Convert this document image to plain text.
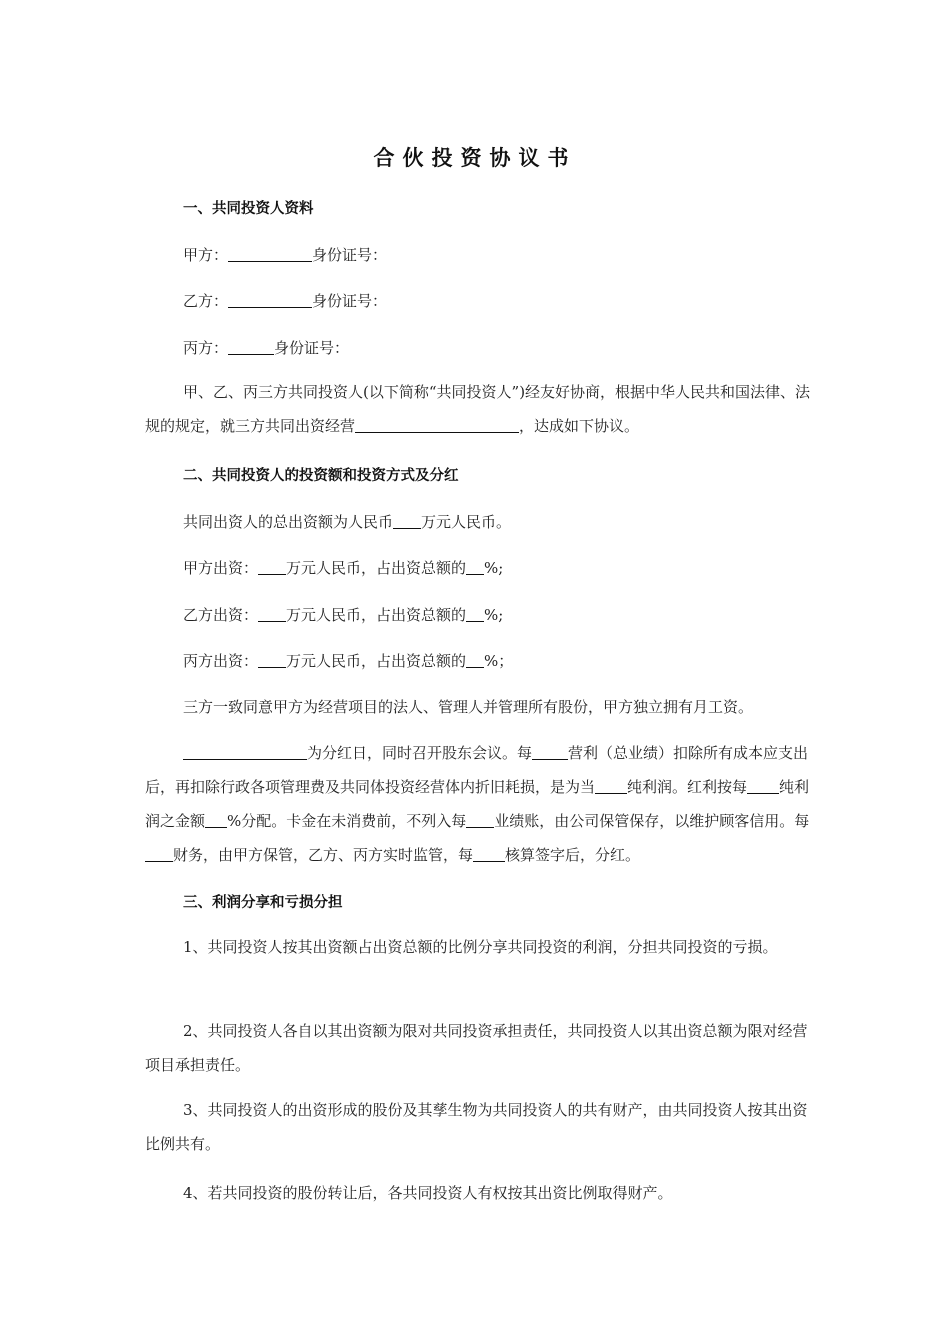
合伙投资协议书
一、共同投资人资料
甲方：	身份证号：
乙方：	身份证号：
丙方：	身份证号：
甲、乙、丙三方共同投资人(以下简称“共同投资人”)经友好协商，根据中华人民共和国法律、法规的规定，就三方共同出资经营	，达成如下协议。
二、共同投资人的投资额和投资方式及分红
共同出资人的总出资额为人民币 万元人民币。
甲方出资： 万元人民币，占出资总额的 %;
乙方出资： 万元人民币，占出资总额的 %;
丙方出资： 万元人民币，占出资总额的 %；
三方一致同意甲方为经营项目的法人、管理人并管理所有股份，甲方独立拥有月工资。
为分红日，同时召开股东会议。每 营利（总业绩）扣除所有成本应支出后，再扣除行政各项管理费及共同体投资经营体内折旧耗损，是为当 纯利润。红利按每 纯利润之金额 %分配。卡金在未消费前，不列入每 业绩账，由公司保管保存，以维护顾客信用。每财务，由甲方保管，乙方、丙方实时监管，每 核算签字后，分红。
三、利润分享和亏损分担
1、共同投资人按其出资额占出资总额的比例分享共同投资的利润，分担共同投资的亏损。
2、共同投资人各自以其出资额为限对共同投资承担责任，共同投资人以其出资总额为限对经营项目承担责任。
3、共同投资人的出资形成的股份及其孳生物为共同投资人的共有财产，由共同投资人按其出资比例共有。
4、若共同投资的股份转让后，各共同投资人有权按其出资比例取得财产。
